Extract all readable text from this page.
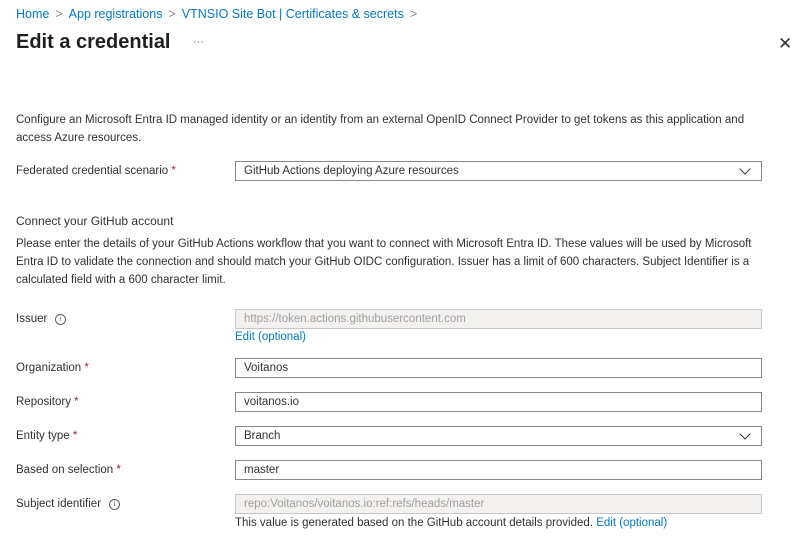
Home > App registrations > VTNSIO Site Bot | Certificates & secrets >
Edit a credential ···	✕
Configure an Microsoft Entra ID managed identity or an identity from an external OpenID Connect Provider to get tokens as this application and access Azure resources.
Federated credential scenario *	GitHub Actions deploying Azure resources
Connect your GitHub account
Please enter the details of your GitHub Actions workflow that you want to connect with Microsoft Entra ID. These values will be used by Microsoft Entra ID to validate the connection and should match your GitHub OIDC configuration. Issuer has a limit of 600 characters. Subject Identifier is a calculated field with a 600 character limit.
Issuer i	https://token.actions.githubusercontent.com
Edit (optional)
Organization *	Voitanos
Repository *	voitanos.io
Entity type *	Branch
Based on selection *	master
Subject identifier i	repo:Voitanos/voitanos.io:ref:refs/heads/master
This value is generated based on the GitHub account details provided. Edit (optional)
